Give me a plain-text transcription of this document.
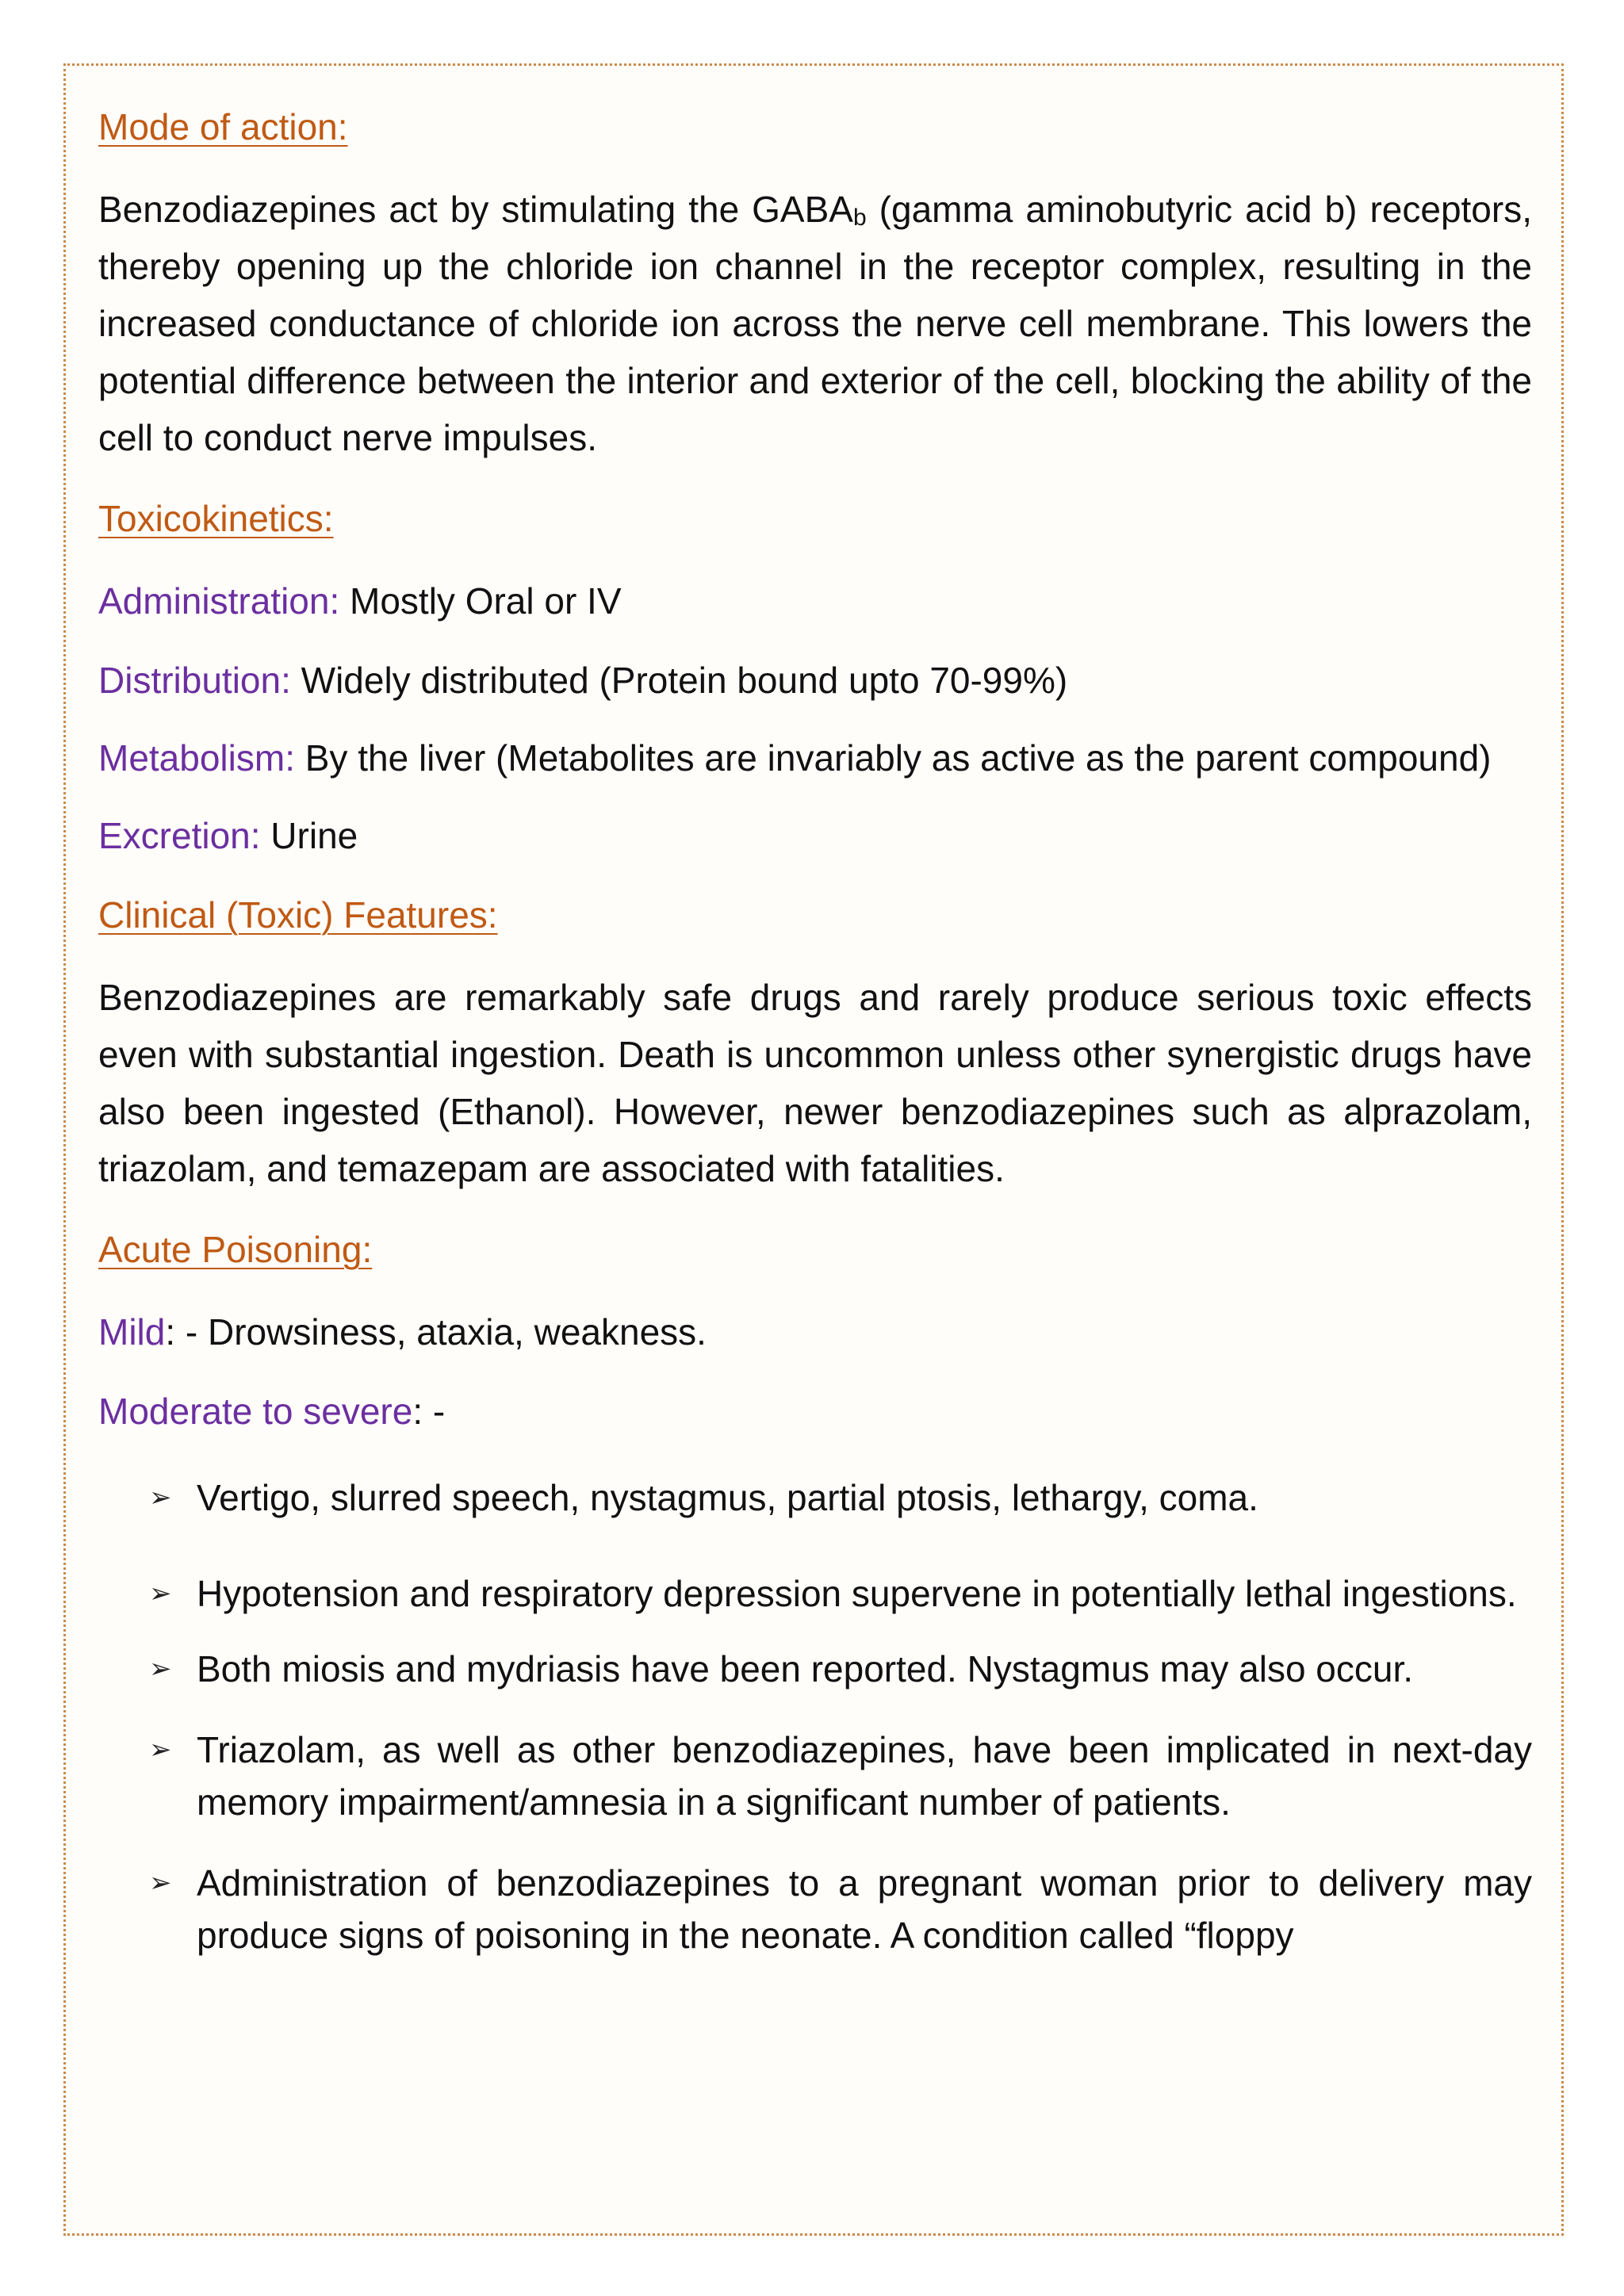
Mode of action:

Benzodiazepines act by stimulating the $GABA_b$ (gamma aminobutyric acid b) receptors, thereby opening up the chloride ion channel in the receptor complex, resulting in the increased conductance of chloride ion across the nerve cell membrane. This lowers the potential difference between the interior and exterior of the cell, blocking the ability of the cell to conduct nerve impulses.

Toxicokinetics:

Administration: Mostly Oral or IV

Distribution: Widely distributed (Protein bound upto 70-99%)

Metabolism: By the liver (Metabolites are invariably as active as the parent compound)

Excretion: Urine

Clinical (Toxic) Features:

Benzodiazepines are remarkably safe drugs and rarely produce serious toxic effects even with substantial ingestion. Death is uncommon unless other synergistic drugs have also been ingested (Ethanol). However, newer benzodiazepines such as alprazolam, triazolam, and temazepam are associated with fatalities.

Acute Poisoning:

Mild: - Drowsiness, ataxia, weakness.

Moderate to severe: -

➢ Vertigo, slurred speech, nystagmus, partial ptosis, lethargy, coma.
➢ Hypotension and respiratory depression supervene in potentially lethal ingestions.
➢ Both miosis and mydriasis have been reported. Nystagmus may also occur.
➢ Triazolam, as well as other benzodiazepines, have been implicated in next-day memory impairment/amnesia in a significant number of patients.
➢ Administration of benzodiazepines to a pregnant woman prior to delivery may produce signs of poisoning in the neonate. A condition called “floppy
